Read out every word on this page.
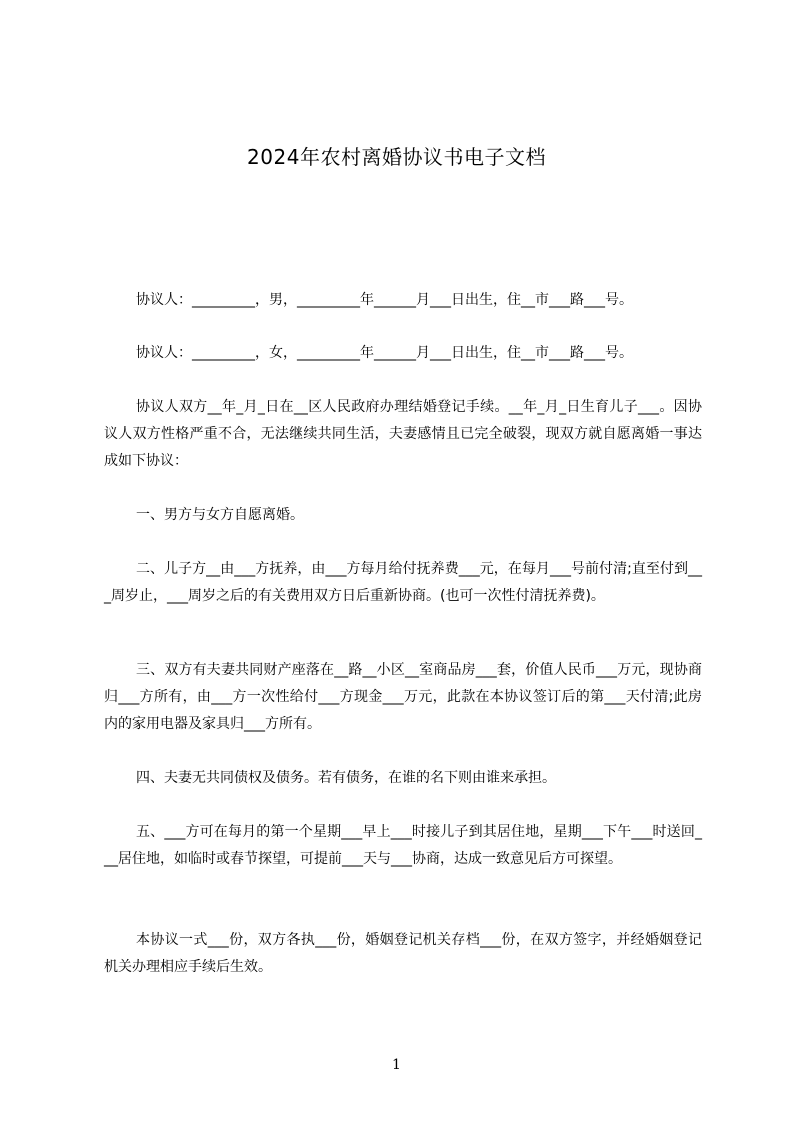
2024年农村离婚协议书电子文档
协议人：_________，男，_________年______月___日出生，住__市___路___号。
协议人：_________，女，_________年______月___日出生，住__市___路___号。
协议人双方__年_月_日在__区人民政府办理结婚登记手续。__年_月_日生育儿子___。因协议人双方性格严重不合，无法继续共同生活，夫妻感情且已完全破裂，现双方就自愿离婚一事达成如下协议：
一、男方与女方自愿离婚。
二、儿子方__由___方抚养，由___方每月给付抚养费___元，在每月___号前付清;直至付到___周岁止，___周岁之后的有关费用双方日后重新协商。(也可一次性付清抚养费)。
三、双方有夫妻共同财产座落在__路__小区__室商品房___套，价值人民币___万元，现协商归___方所有，由___方一次性给付___方现金___万元，此款在本协议签订后的第___天付清;此房内的家用电器及家具归___方所有。
四、夫妻无共同债权及债务。若有债务，在谁的名下则由谁来承担。
五、___方可在每月的第一个星期___早上___时接儿子到其居住地，星期___下午___时送回___居住地，如临时或春节探望，可提前___天与___协商，达成一致意见后方可探望。
本协议一式___份，双方各执___份，婚姻登记机关存档___份，在双方签字，并经婚姻登记机关办理相应手续后生效。
1
